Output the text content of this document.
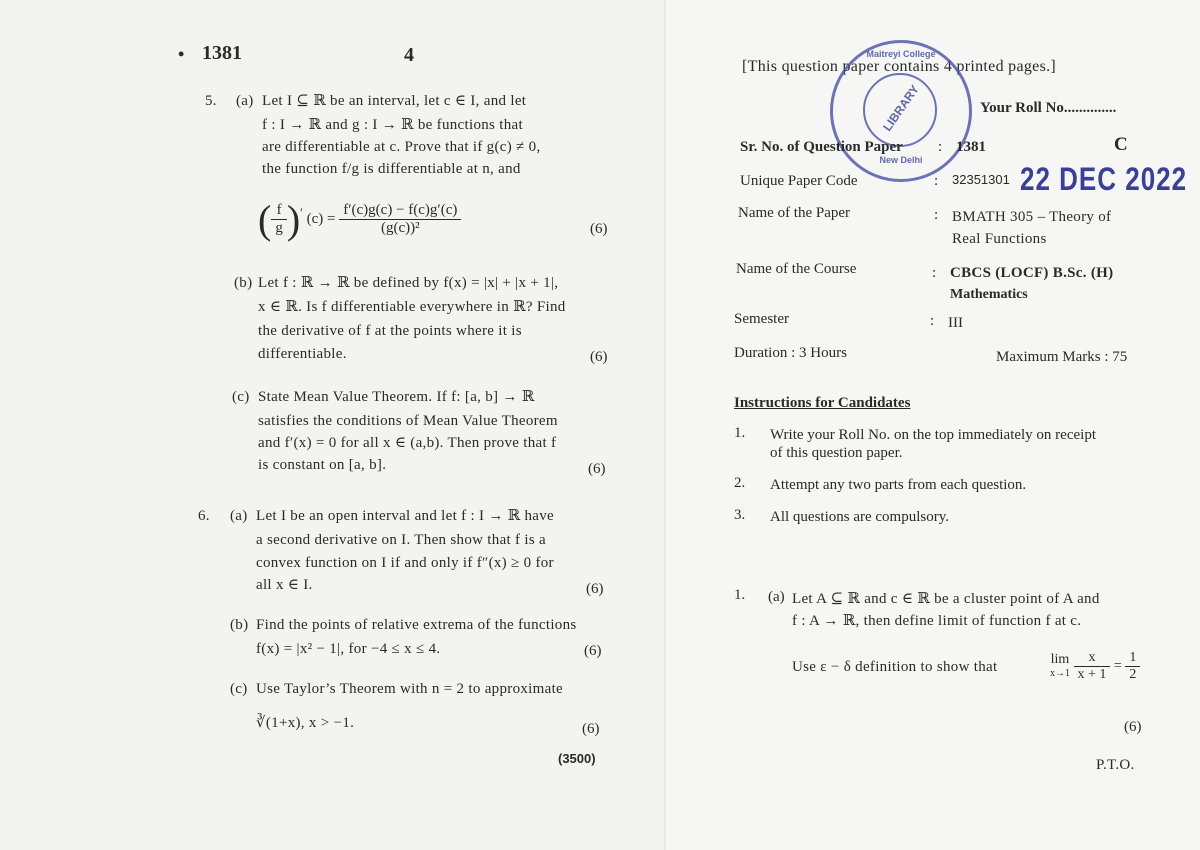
• 1381	4
5. (a) Let I ⊆ ℝ be an interval, let c ∈ I, and let
f : I → ℝ and g : I → ℝ be functions that
are differentiable at c. Prove that if g(c) ≠ 0,
the function f/g is differentiable at n, and
( $\frac{f}{g} )'$ $(c) = \frac{f'(c)g(c) - f(c)g'(c)}{\text{(g(c))²}}$	(6)
(b) Let f : ℝ → ℝ be defined by f(x) = |x| + |x + 1|,
x ∈ ℝ. Is f differentiable everywhere in ℝ? Find
the derivative of f at the points where it is
differentiable.	(6)
(c) State Mean Value Theorem. If f: [a, b] → ℝ
satisfies the conditions of Mean Value Theorem
and f′(x) = 0 for all x ∈ (a,b). Then prove that f
is constant on [a, b].	(6)
6. (a) Let I be an open interval and let f : I → ℝ have
a second derivative on I. Then show that f is a
convex function on I if and only if f″(x) ≥ 0 for
all x ∈ I.	(6)
(b) Find the points of relative extrema of the functions
f(x) = |x² − 1|, for −4 ≤ x ≤ 4.	(6)
(c) Use Taylor’s Theorem with n = 2 to approximate
∛(1+x), x > −1.	(6)
(3500)
[This question paper contains 4 printed pages.]
Your Roll No..............
Maitreyi College
LIBRARY
New Delhi
Sr. No. of Question Paper : 1381	C
Unique Paper Code	: 32351301 22 DEC 2022
Name of the Paper	: BMATH 305 – Theory of
Real Functions
Name of the Course	: CBCS (LOCF) B.Sc. (H)
Mathematics
Semester	: III
Duration : 3 Hours	Maximum Marks : 75
Instructions for Candidates
1. Write your Roll No. on the top immediately on receipt
of this question paper.
2. Attempt any two parts from each question.
3. All questions are compulsory.
1. (a) Let A ⊆ ℝ and c ∈ ℝ be a cluster point of A and
f : A → ℝ, then define limit of function f at c.
Use ε − δ definition to show that	lim
x→1
$\frac{x}{x + 1} = \frac{1}{2}$
(6)
P.T.O.
